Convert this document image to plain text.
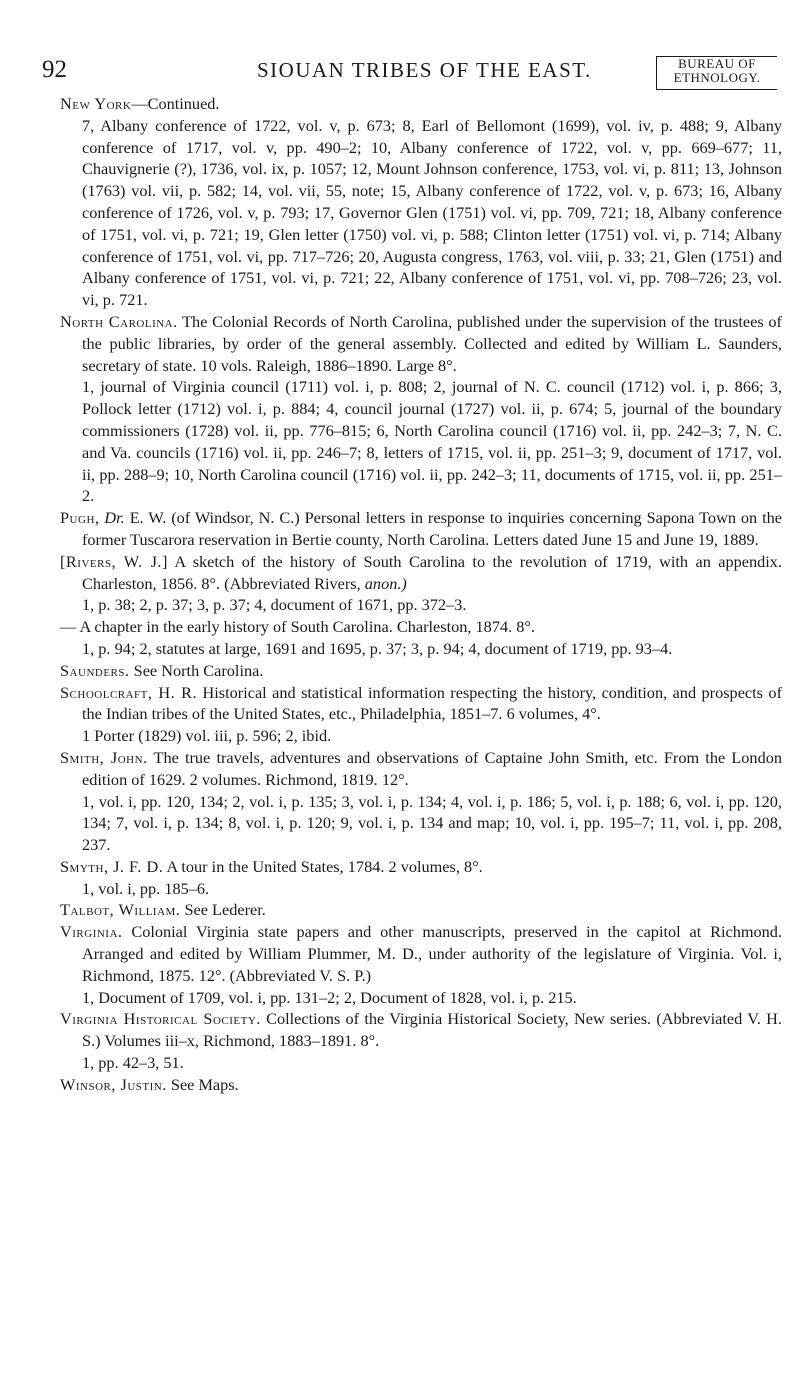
92	SIOUAN TRIBES OF THE EAST.	BUREAU OF
ETHNOLOGY.

New York—Continued.

7, Albany conference of 1722, vol. v, p. 673; 8, Earl of Bellomont (1699), vol. iv, p. 488; 9, Albany conference of 1717, vol. v, pp. 490–2; 10, Albany conference of 1722, vol. v, pp. 669–677; 11, Chauvignerie (?), 1736, vol. ix, p. 1057; 12, Mount Johnson conference, 1753, vol. vi, p. 811; 13, Johnson (1763) vol. vii, p. 582; 14, vol. vii, 55, note; 15, Albany conference of 1722, vol. v, p. 673; 16, Albany conference of 1726, vol. v, p. 793; 17, Governor Glen (1751) vol. vi, pp. 709, 721; 18, Albany conference of 1751, vol. vi, p. 721; 19, Glen letter (1750) vol. vi, p. 588; Clinton letter (1751) vol. vi, p. 714; Albany conference of 1751, vol. vi, pp. 717–726; 20, Augusta congress, 1763, vol. viii, p. 33; 21, Glen (1751) and Albany conference of 1751, vol. vi, p. 721; 22, Albany conference of 1751, vol. vi, pp. 708–726; 23, vol. vi, p. 721.

North Carolina. The Colonial Records of North Carolina, published under the supervision of the trustees of the public libraries, by order of the general assembly. Collected and edited by William L. Saunders, secretary of state. 10 vols. Raleigh, 1886–1890. Large 8°.

1, journal of Virginia council (1711) vol. i, p. 808; 2, journal of N. C. council (1712) vol. i, p. 866; 3, Pollock letter (1712) vol. i, p. 884; 4, council journal (1727) vol. ii, p. 674; 5, journal of the boundary commissioners (1728) vol. ii, pp. 776–815; 6, North Carolina council (1716) vol. ii, pp. 242–3; 7, N. C. and Va. councils (1716) vol. ii, pp. 246–7; 8, letters of 1715, vol. ii, pp. 251–3; 9, document of 1717, vol. ii, pp. 288–9; 10, North Carolina council (1716) vol. ii, pp. 242–3; 11, documents of 1715, vol. ii, pp. 251–2.

Pugh, Dr. E. W. (of Windsor, N. C.) Personal letters in response to inquiries concerning Sapona Town on the former Tuscarora reservation in Bertie county, North Carolina. Letters dated June 15 and June 19, 1889.

[Rivers, W. J.] A sketch of the history of South Carolina to the revolution of 1719, with an appendix. Charleston, 1856. 8°. (Abbreviated Rivers, anon.)

1, p. 38; 2, p. 37; 3, p. 37; 4, document of 1671, pp. 372–3.

— A chapter in the early history of South Carolina. Charleston, 1874. 8°.

1, p. 94; 2, statutes at large, 1691 and 1695, p. 37; 3, p. 94; 4, document of 1719, pp. 93–4.

Saunders. See North Carolina.

Schoolcraft, H. R. Historical and statistical information respecting the history, condition, and prospects of the Indian tribes of the United States, etc., Philadelphia, 1851–7. 6 volumes, 4°.

1 Porter (1829) vol. iii, p. 596; 2, ibid.

Smith, John. The true travels, adventures and observations of Captaine John Smith, etc. From the London edition of 1629. 2 volumes. Richmond, 1819. 12°.

1, vol. i, pp. 120, 134; 2, vol. i, p. 135; 3, vol. i, p. 134; 4, vol. i, p. 186; 5, vol. i, p. 188; 6, vol. i, pp. 120, 134; 7, vol. i, p. 134; 8, vol. i, p. 120; 9, vol. i, p. 134 and map; 10, vol. i, pp. 195–7; 11, vol. i, pp. 208, 237.

Smyth, J. F. D. A tour in the United States, 1784. 2 volumes, 8°.

1, vol. i, pp. 185–6.

Talbot, William. See Lederer.

Virginia. Colonial Virginia state papers and other manuscripts, preserved in the capitol at Richmond. Arranged and edited by William Plummer, M. D., under authority of the legislature of Virginia. Vol. i, Richmond, 1875. 12°. (Abbreviated V. S. P.)

1, Document of 1709, vol. i, pp. 131–2; 2, Document of 1828, vol. i, p. 215.

Virginia Historical Society. Collections of the Virginia Historical Society, New series. (Abbreviated V. H. S.) Volumes iii–x, Richmond, 1883–1891. 8°.

1, pp. 42–3, 51.

Winsor, Justin. See Maps.
